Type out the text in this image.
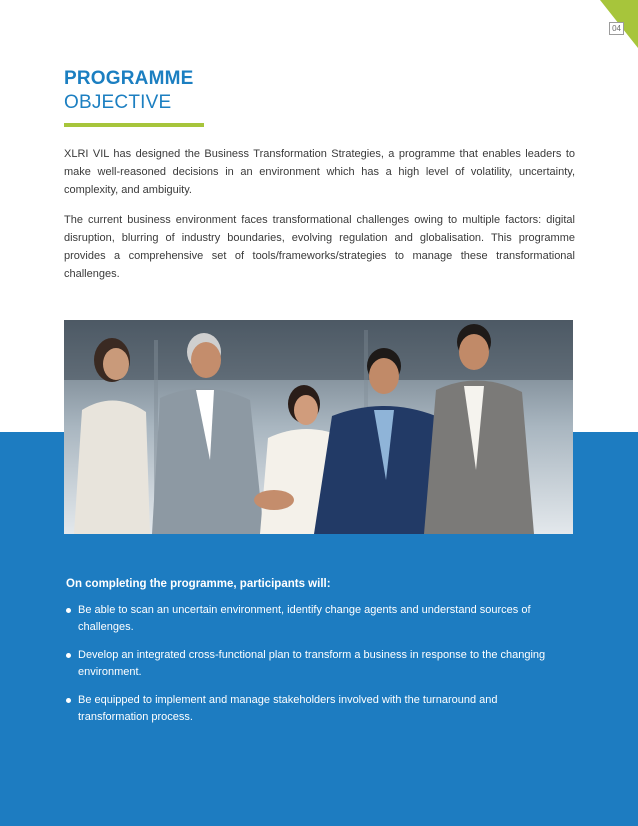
04
PROGRAMME
OBJECTIVE

XLRI VIL has designed the Business Transformation Strategies, a programme that enables leaders to make well-reasoned decisions in an environment which has a high level of volatility, uncertainty, complexity, and ambiguity.

The current business environment faces transformational challenges owing to multiple factors: digital disruption, blurring of industry boundaries, evolving regulation and globalisation. This programme provides a comprehensive set of tools/frameworks/strategies to manage these transformational challenges.

On completing the programme, participants will:
Be able to scan an uncertain environment, identify change agents and understand sources of challenges.
Develop an integrated cross-functional plan to transform a business in response to the changing environment.
Be equipped to implement and manage stakeholders involved with the turnaround and transformation process.
